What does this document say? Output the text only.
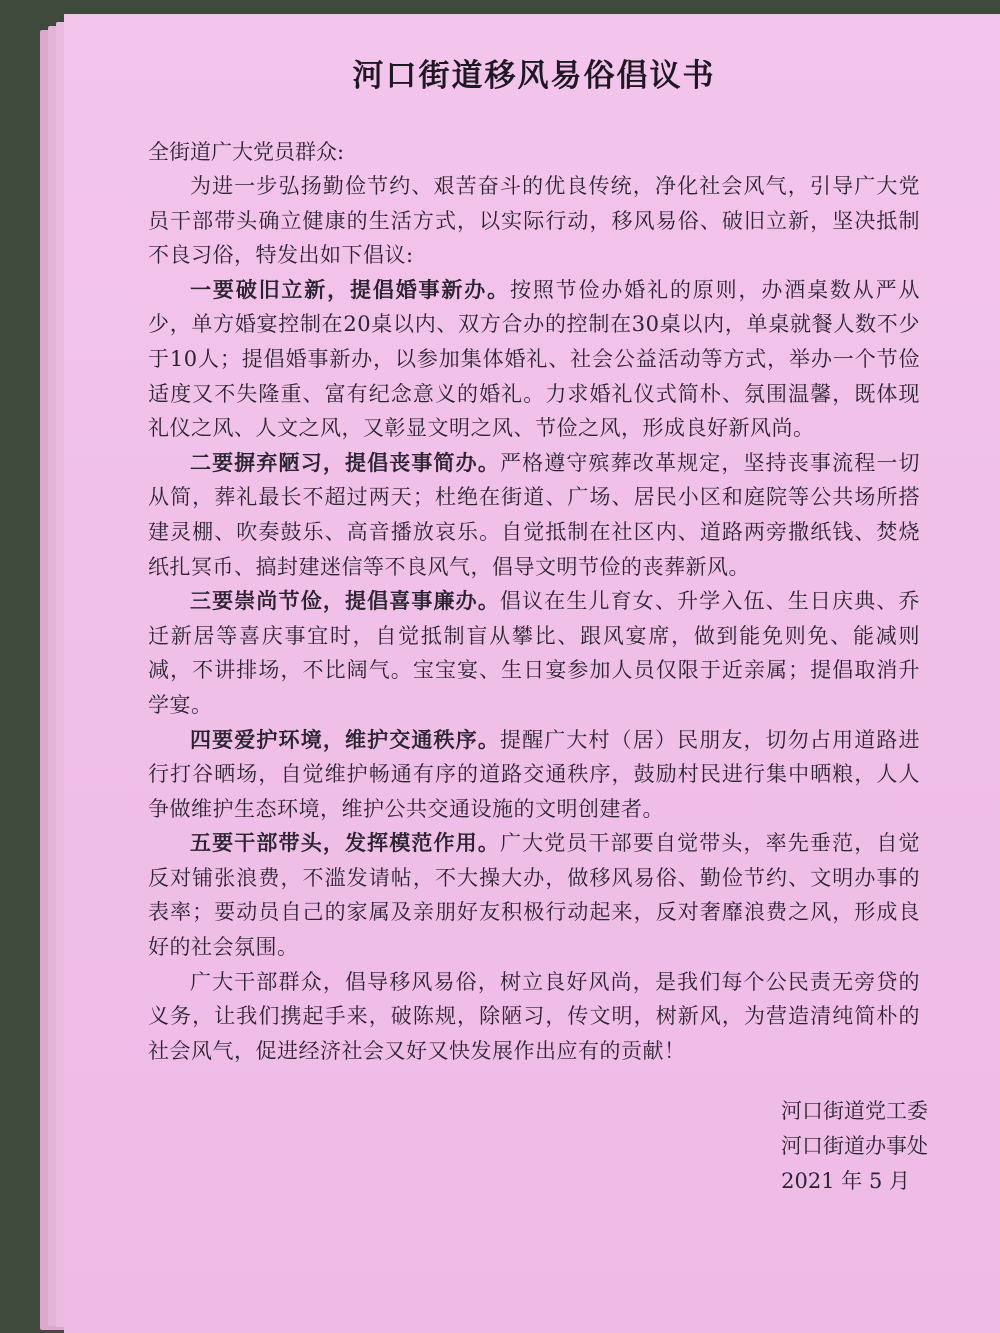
河口街道移风易俗倡议书

全街道广大党员群众:

为进一步弘扬勤俭节约、艰苦奋斗的优良传统，净化社会风气，引导广大党员干部带头确立健康的生活方式，以实际行动，移风易俗、破旧立新，坚决抵制不良习俗，特发出如下倡议:

一要破旧立新，提倡婚事新办。按照节俭办婚礼的原则，办酒桌数从严从少，单方婚宴控制在20桌以内、双方合办的控制在30桌以内，单桌就餐人数不少于10人；提倡婚事新办，以参加集体婚礼、社会公益活动等方式，举办一个节俭适度又不失隆重、富有纪念意义的婚礼。力求婚礼仪式简朴、氛围温馨，既体现礼仪之风、人文之风，又彰显文明之风、节俭之风，形成良好新风尚。

二要摒弃陋习，提倡丧事简办。严格遵守殡葬改革规定，坚持丧事流程一切从简，葬礼最长不超过两天；杜绝在街道、广场、居民小区和庭院等公共场所搭建灵棚、吹奏鼓乐、高音播放哀乐。自觉抵制在社区内、道路两旁撒纸钱、焚烧纸扎冥币、搞封建迷信等不良风气，倡导文明节俭的丧葬新风。

三要崇尚节俭，提倡喜事廉办。倡议在生儿育女、升学入伍、生日庆典、乔迁新居等喜庆事宜时，自觉抵制盲从攀比、跟风宴席，做到能免则免、能减则减，不讲排场，不比阔气。宝宝宴、生日宴参加人员仅限于近亲属；提倡取消升学宴。

四要爱护环境，维护交通秩序。提醒广大村（居）民朋友，切勿占用道路进行打谷晒场，自觉维护畅通有序的道路交通秩序，鼓励村民进行集中晒粮，人人争做维护生态环境，维护公共交通设施的文明创建者。

五要干部带头，发挥模范作用。广大党员干部要自觉带头，率先垂范，自觉反对铺张浪费，不滥发请帖，不大操大办，做移风易俗、勤俭节约、文明办事的表率；要动员自己的家属及亲朋好友积极行动起来，反对奢靡浪费之风，形成良好的社会氛围。

广大干部群众，倡导移风易俗，树立良好风尚，是我们每个公民责无旁贷的义务，让我们携起手来，破陈规，除陋习，传文明，树新风，为营造清纯简朴的社会风气，促进经济社会又好又快发展作出应有的贡献！

河口街道党工委
河口街道办事处
2021 年 5 月
